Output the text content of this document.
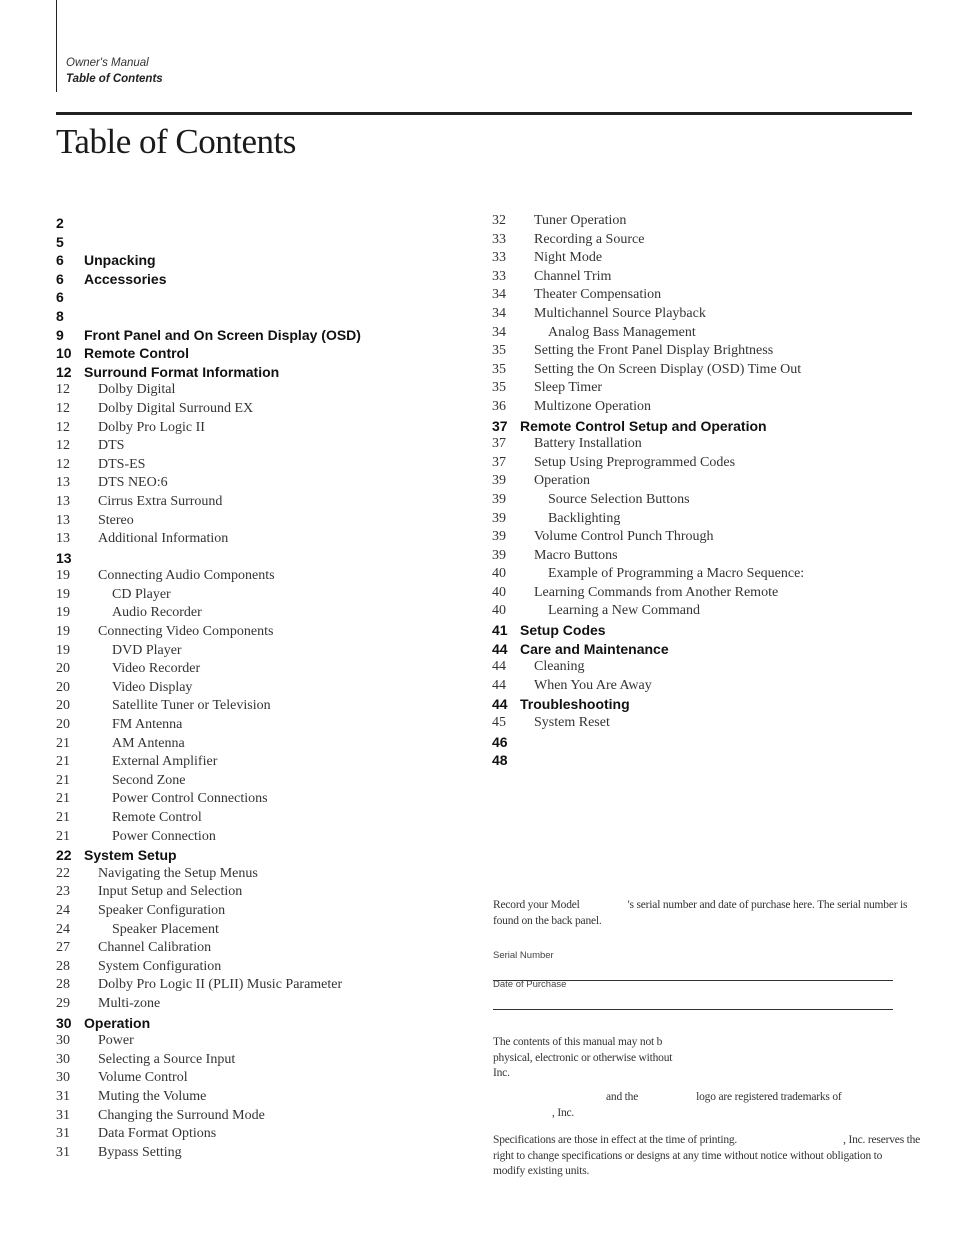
Owner's Manual
Table of Contents
Table of Contents
2
5
6 Unpacking
6 Accessories
6
8
9 Front Panel and On Screen Display (OSD)
10 Remote Control
12 Surround Format Information
12 Dolby Digital
12 Dolby Digital Surround EX
12 Dolby Pro Logic II
12 DTS
12 DTS-ES
13 DTS NEO:6
13 Cirrus Extra Surround
13 Stereo
13 Additional Information
13
19 Connecting Audio Components
19	CD Player
19	Audio Recorder
19 Connecting Video Components
19	DVD Player
20	Video Recorder
20	Video Display
20	Satellite Tuner or Television
20	FM Antenna
21	AM Antenna
21	External Amplifier
21	Second Zone
21	Power Control Connections
21	Remote Control
21	Power Connection
22 System Setup
22 Navigating the Setup Menus
23 Input Setup and Selection
24 Speaker Configuration
24	Speaker Placement
27 Channel Calibration
28 System Configuration
28 Dolby Pro Logic II (PLII) Music Parameter
29 Multi-zone
30 Operation
30 Power
30 Selecting a Source Input
30 Volume Control
31 Muting the Volume
31 Changing the Surround Mode
31 Data Format Options
31 Bypass Setting
32 Tuner Operation
33 Recording a Source
33 Night Mode
33 Channel Trim
34 Theater Compensation
34 Multichannel Source Playback
34	Analog Bass Management
35 Setting the Front Panel Display Brightness
35 Setting the On Screen Display (OSD) Time Out
35 Sleep Timer
36 Multizone Operation
37 Remote Control Setup and Operation
37 Battery Installation
37 Setup Using Preprogrammed Codes
39 Operation
39	Source Selection Buttons
39	Backlighting
39 Volume Control Punch Through
39 Macro Buttons
40	Example of Programming a Macro Sequence:
40 Learning Commands from Another Remote
40	Learning a New Command
41 Setup Codes
44 Care and Maintenance
44 Cleaning
44 When You Are Away
44 Troubleshooting
45 System Reset
46
48
Record your Model	's serial number and date of purchase here. The serial number is
found on the back panel.
Serial Number
Date of Purchase
The contents of this manual may not b
physical, electronic or otherwise without
Inc.
and the	logo are registered trademarks of
, Inc.
Specifications are those in effect at the time of printing.	, Inc. reserves the
right to change specifications or designs at any time without notice without obligation to
modify existing units.
